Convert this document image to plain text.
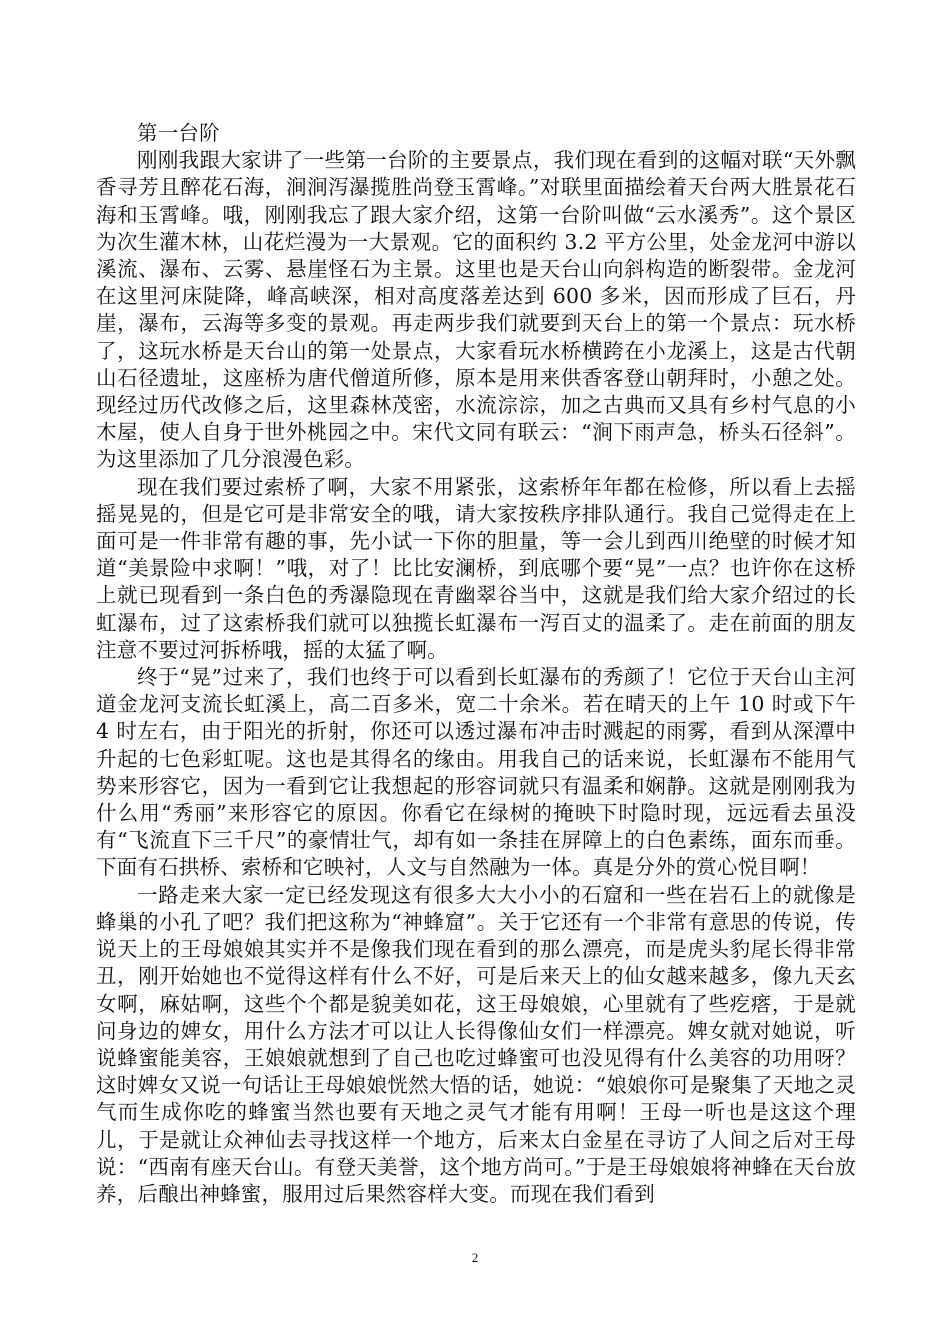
第一台阶

刚刚我跟大家讲了一些第一台阶的主要景点，我们现在看到的这幅对联“天外飘香寻芳且醉花石海，涧涧泻瀑揽胜尚登玉霄峰。”对联里面描绘着天台两大胜景花石海和玉霄峰。哦，刚刚我忘了跟大家介绍，这第一台阶叫做“云水溪秀”。这个景区为次生灌木林，山花烂漫为一大景观。它的面积约 3.2 平方公里，处金龙河中游以溪流、瀑布、云雾、悬崖怪石为主景。这里也是天台山向斜构造的断裂带。金龙河在这里河床陡降，峰高峡深，相对高度落差达到 600 多米，因而形成了巨石，丹崖，瀑布，云海等多变的景观。再走两步我们就要到天台上的第一个景点：玩水桥了，这玩水桥是天台山的第一处景点，大家看玩水桥横跨在小龙溪上，这是古代朝山石径遗址，这座桥为唐代僧道所修，原本是用来供香客登山朝拜时，小憩之处。现经过历代改修之后，这里森林茂密，水流淙淙，加之古典而又具有乡村气息的小木屋，使人自身于世外桃园之中。宋代文同有联云：“涧下雨声急，桥头石径斜”。为这里添加了几分浪漫色彩。

现在我们要过索桥了啊，大家不用紧张，这索桥年年都在检修，所以看上去摇摇晃晃的，但是它可是非常安全的哦，请大家按秩序排队通行。我自己觉得走在上面可是一件非常有趣的事，先小试一下你的胆量，等一会儿到西川绝壁的时候才知道“美景险中求啊！”哦，对了！比比安澜桥，到底哪个要“晃”一点？也许你在这桥上就已现看到一条白色的秀瀑隐现在青幽翠谷当中，这就是我们给大家介绍过的长虹瀑布，过了这索桥我们就可以独揽长虹瀑布一泻百丈的温柔了。走在前面的朋友注意不要过河拆桥哦，摇的太猛了啊。

终于“晃”过来了，我们也终于可以看到长虹瀑布的秀颜了！它位于天台山主河道金龙河支流长虹溪上，高二百多米，宽二十余米。若在晴天的上午 10 时或下午 4 时左右，由于阳光的折射，你还可以透过瀑布冲击时溅起的雨雾，看到从深潭中升起的七色彩虹呢。这也是其得名的缘由。用我自己的话来说，长虹瀑布不能用气势来形容它，因为一看到它让我想起的形容词就只有温柔和娴静。这就是刚刚我为什么用“秀丽”来形容它的原因。你看它在绿树的掩映下时隐时现，远远看去虽没有“飞流直下三千尺”的豪情壮气，却有如一条挂在屏障上的白色素练，面东而垂。下面有石拱桥、索桥和它映衬，人文与自然融为一体。真是分外的赏心悦目啊！

一路走来大家一定已经发现这有很多大大小小的石窟和一些在岩石上的就像是蜂巢的小孔了吧？我们把这称为“神蜂窟”。关于它还有一个非常有意思的传说，传说天上的王母娘娘其实并不是像我们现在看到的那么漂亮，而是虎头豹尾长得非常丑，刚开始她也不觉得这样有什么不好，可是后来天上的仙女越来越多，像九天玄女啊，麻姑啊，这些个个都是貌美如花，这王母娘娘，心里就有了些疙瘩，于是就问身边的婢女，用什么方法才可以让人长得像仙女们一样漂亮。婢女就对她说，听说蜂蜜能美容，王娘娘就想到了自己也吃过蜂蜜可也没见得有什么美容的功用呀？这时婢女又说一句话让王母娘娘恍然大悟的话，她说：“娘娘你可是聚集了天地之灵气而生成你吃的蜂蜜当然也要有天地之灵气才能有用啊！王母一听也是这这个理儿，于是就让众神仙去寻找这样一个地方，后来太白金星在寻访了人间之后对王母说：“西南有座天台山。有登天美誉，这个地方尚可。”于是王母娘娘将神蜂在天台放养，后酿出神蜂蜜，服用过后果然容样大变。而现在我们看到

2
